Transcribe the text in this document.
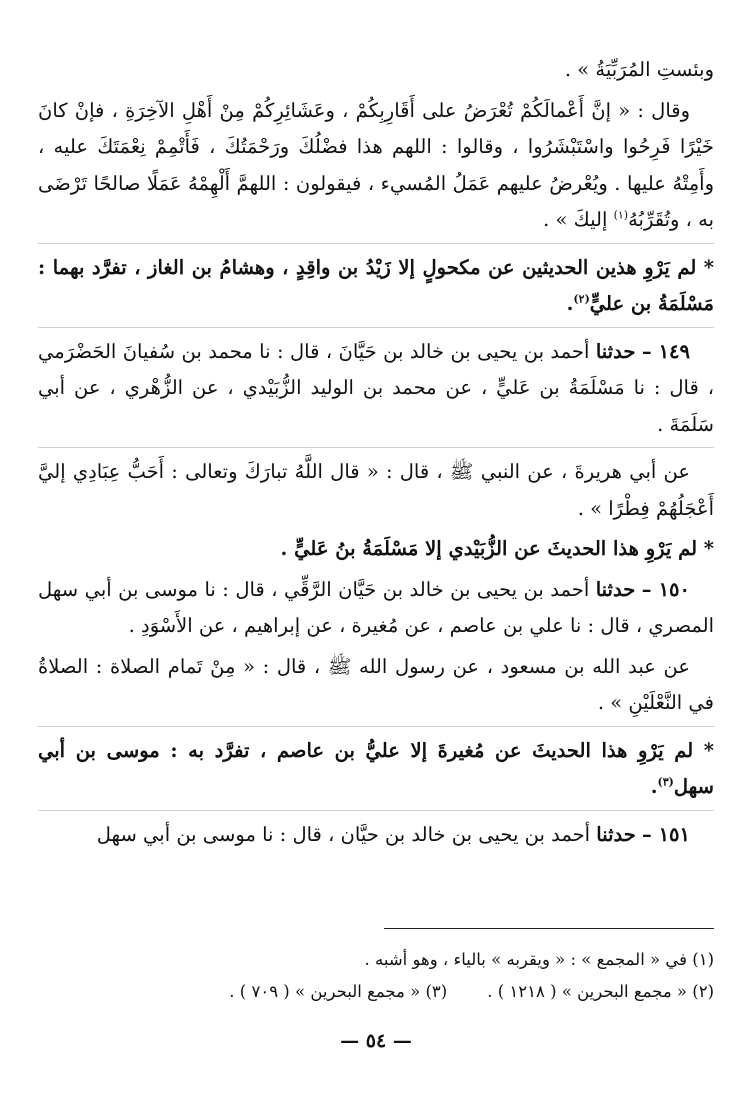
وبئستِ المُرَبِّيَةُ » .

وقال : « إنَّ أَعْمالَكُمْ تُعْرَضُ على أَقَارِبِكُمْ ، وعَشَائِرِكُمْ مِنْ أَهْلِ الآخِرَةِ ، فإنْ كانَ خَيْرًا فَرِحُوا واسْتَبْشَرُوا ، وقالوا : اللهم هذا فضْلُكَ ورَحْمَتُكَ ، فَأَتْمِمْ نِعْمَتَكَ عليه ، وأَمِتْهُ عليها . ويُعْرضُ عليهم عَمَلُ المُسيء ، فيقولون : اللهمَّ أَلْهِمْهُ عَمَلًا صالحًا تَرْضَى به ، وتُقَرِّبُهُ$^{(١)}$ إليكَ » .

* لم يَرْوِ هذين الحديثين عن مكحولٍ إلا زَيْدُ بن واقِدٍ ، وهشامُ بن الغاز ، تفرَّد بهما : مَسْلَمَةُ بن عليٍّ$^{(٢)}$.

١٤٩ – حدثنا أحمد بن يحيى بن خالد بن حَيَّانَ ، قال : نا محمد بن سُفيانَ الحَضْرَمي ، قال : نا مَسْلَمَةُ بن عَليٍّ ، عن محمد بن الوليد الزُّبَيْدي ، عن الزُّهْري ، عن أبي سَلَمَةَ .

عن أبي هريرةَ ، عن النبي ﷺ ، قال : « قال اللَّهُ تبارَكَ وتعالى : أَحَبُّ عِبَادِي إليَّ أَعْجَلُهُمْ فِطْرًا » .

* لم يَرْوِ هذا الحديثَ عن الزُّبَيْدي إلا مَسْلَمَةُ بنُ عَليٍّ .

١٥٠ – حدثنا أحمد بن يحيى بن خالد بن حَيَّان الرَّقِّي ، قال : نا موسى بن أبي سهل المصري ، قال : نا علي بن عاصم ، عن مُغيرة ، عن إبراهيم ، عن الأَسْوَدِ .

عن عبد الله بن مسعود ، عن رسول الله ﷺ ، قال : « مِنْ تَمام الصلاة : الصلاةُ في النَّعْلَيْنِ » .

* لم يَرْوِ هذا الحديثَ عن مُغيرةَ إلا عليُّ بن عاصم ، تفرَّد به : موسى بن أبي سهل$^{(٣)}$.

١٥١ – حدثنا أحمد بن يحيى بن خالد بن حيَّان ، قال : نا موسى بن أبي سهل

(١) في « المجمع » : « ويقربه » بالياء ، وهو أشبه .
(٢) « مجمع البحرين » ( ١٢١٨ ) .
(٣) « مجمع البحرين » ( ٧٠٩ ) .
— ٥٤ —
